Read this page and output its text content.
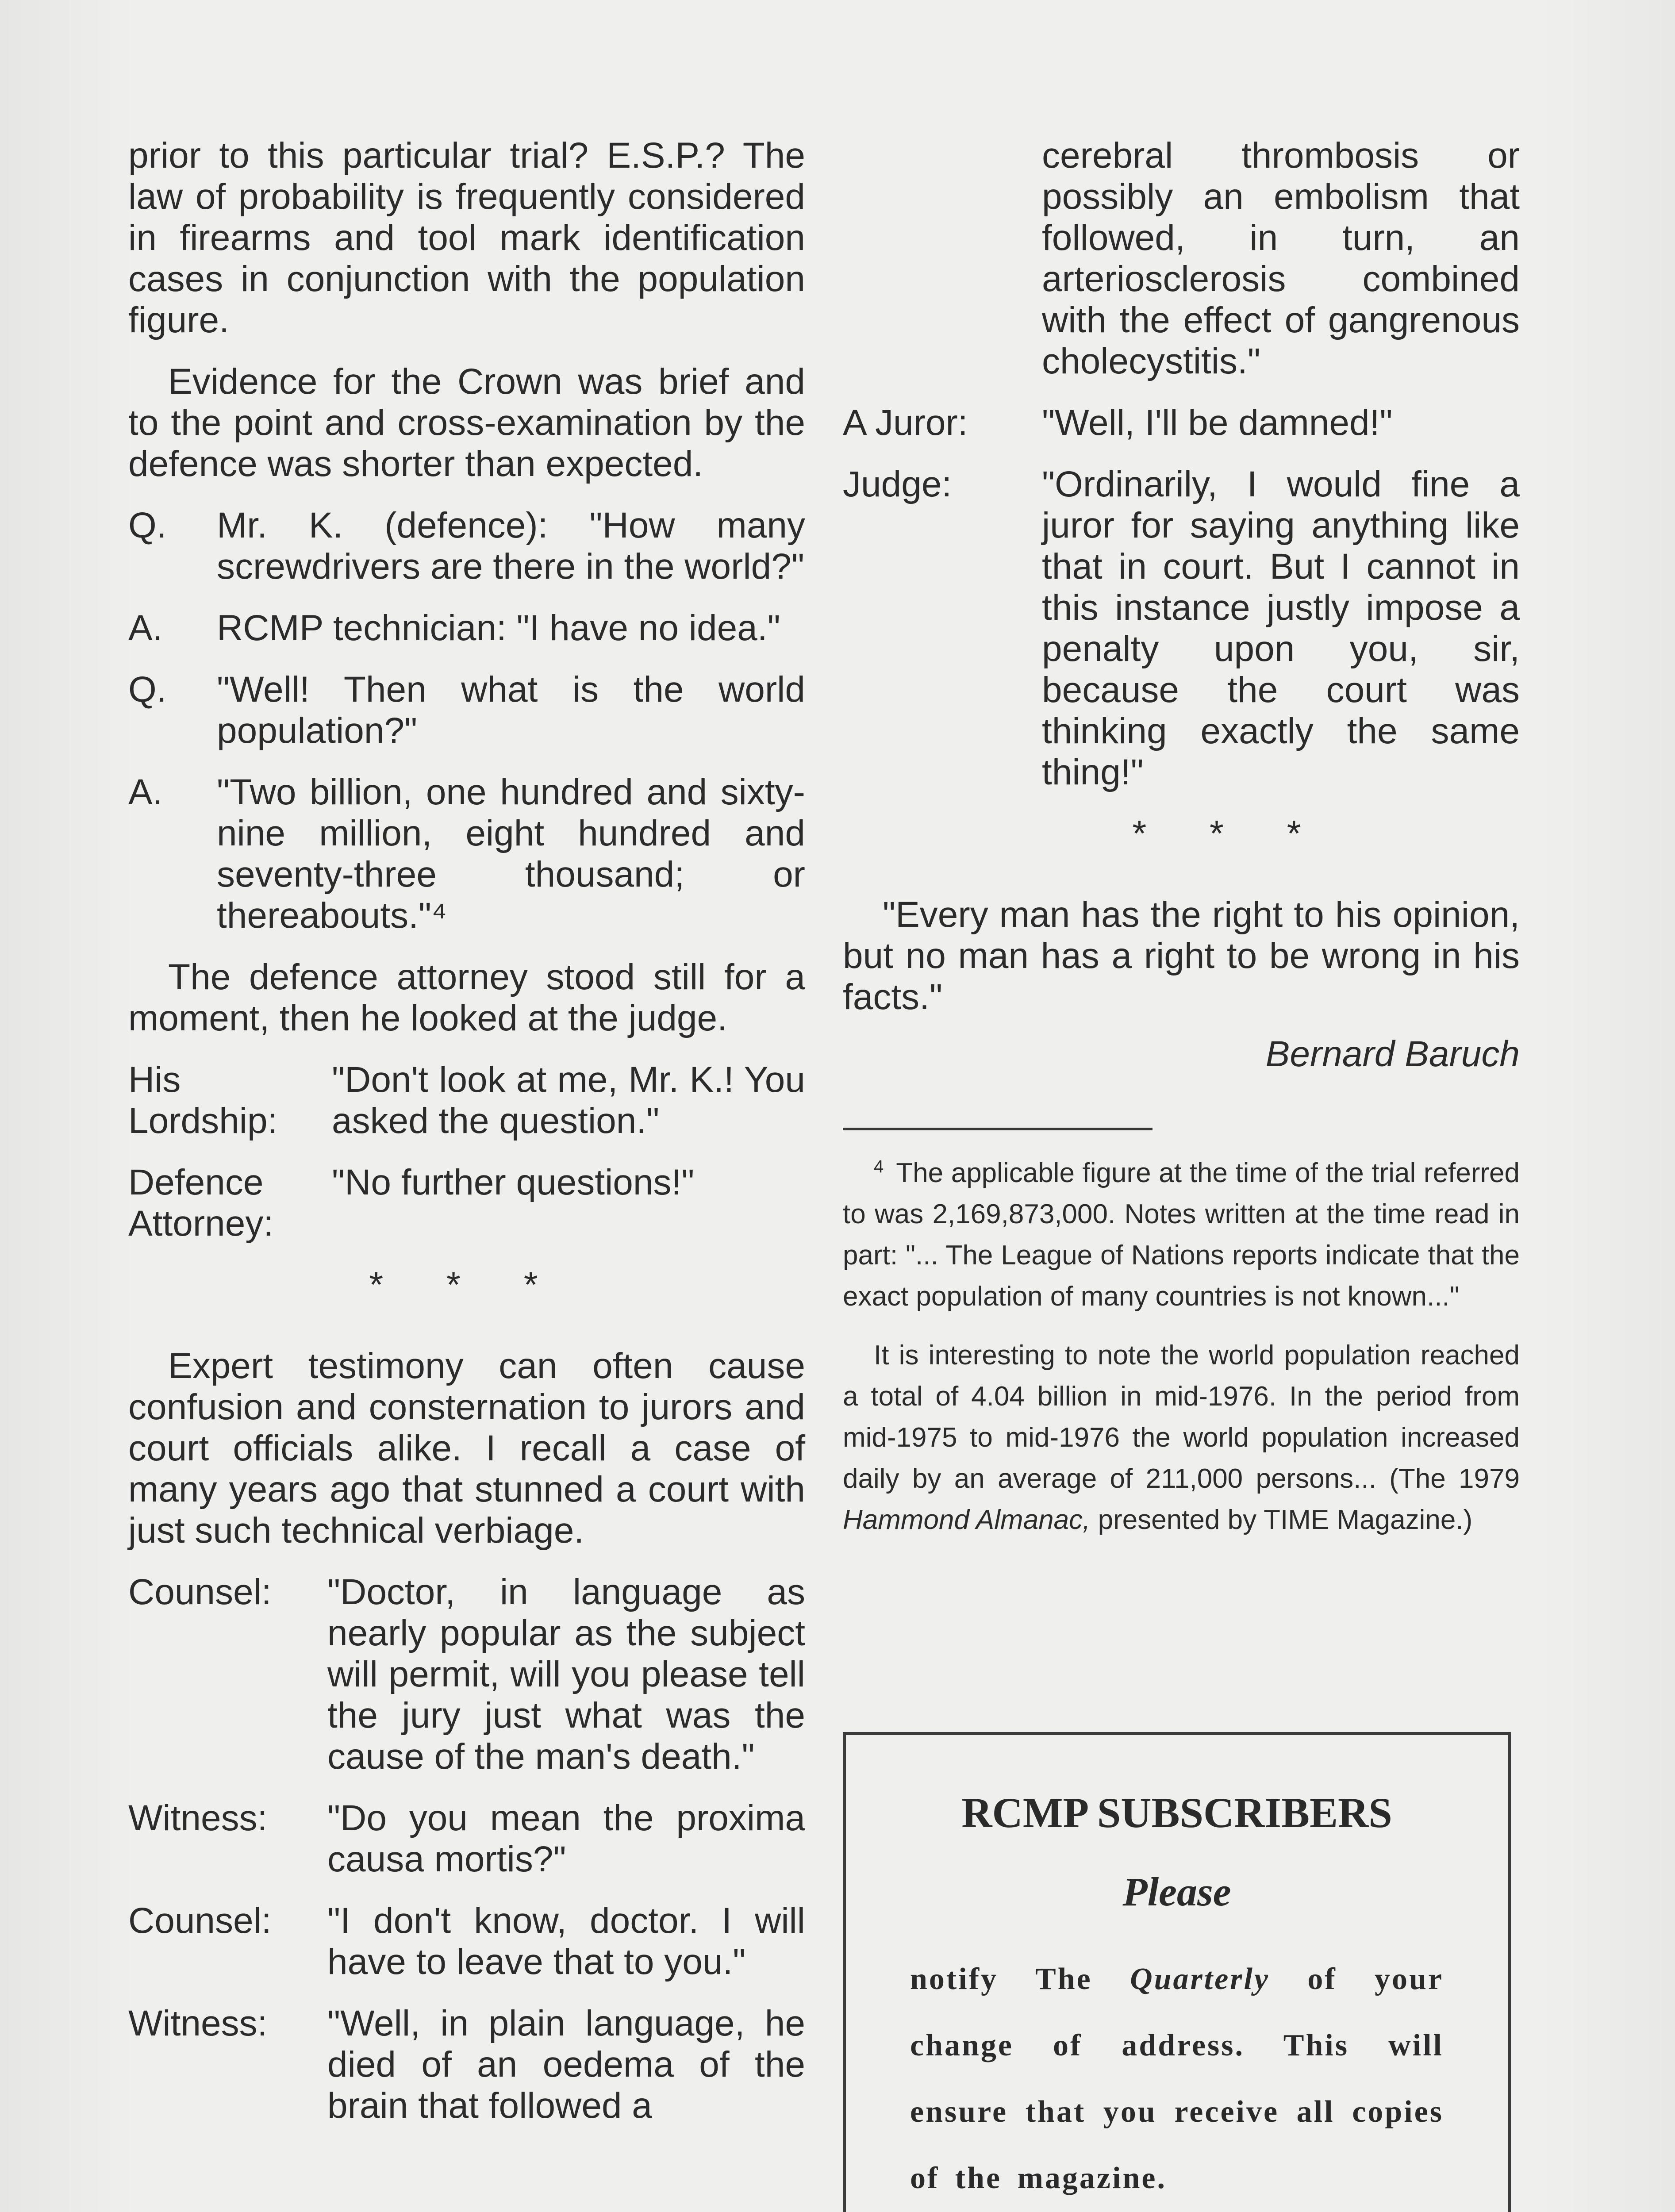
prior to this particular trial? E.S.P.? The law of probability is frequently considered in firearms and tool mark identification cases in conjunction with the population figure.

Evidence for the Crown was brief and to the point and cross-examination by the defence was shorter than expected.

Q.	Mr. K. (defence): "How many screwdrivers are there in the world?"
A.	RCMP technician: "I have no idea."
Q.	"Well! Then what is the world population?"
A.	"Two billion, one hundred and sixty-nine million, eight hundred and seventy-three thousand; or thereabouts."⁴

The defence attorney stood still for a moment, then he looked at the judge.

His Lordship:
"Don't look at me, Mr. K.! You asked the question."
Defence Attorney:
"No further questions!"
* * *

Expert testimony can often cause confusion and consternation to jurors and court officials alike. I recall a case of many years ago that stunned a court with just such technical verbiage.

Counsel:	"Doctor, in language as nearly popular as the subject will permit, will you please tell the jury just what was the cause of the man's death."
Witness:	"Do you mean the proxima causa mortis?"
Counsel:	"I don't know, doctor. I will have to leave that to you."
Witness:	"Well, in plain language, he died of an oedema of the brain that followed a
cerebral thrombosis or possibly an embolism that followed, in turn, an arteriosclerosis combined with the effect of gangrenous cholecystitis."
A Juror:	"Well, I'll be damned!"
Judge:	"Ordinarily, I would fine a juror for saying anything like that in court. But I cannot in this instance justly impose a penalty upon you, sir, because the court was thinking exactly the same thing!"
* * *

"Every man has the right to his opinion, but no man has a right to be wrong in his facts."

Bernard Baruch
$^4$ The applicable figure at the time of the trial referred to was 2,169,873,000. Notes written at the time read in part: "... The League of Nations reports indicate that the exact population of many countries is not known..."
It is interesting to note the world population reached a total of 4.04 billion in mid-1976. In the period from mid-1975 to mid-1976 the world population increased daily by an average of 211,000 persons... (The 1979 Hammond Almanac, presented by TIME Magazine.)
RCMP SUBSCRIBERS
Please
notify The Quarterly of your change of address. This will ensure that you receive all copies of the magazine.
